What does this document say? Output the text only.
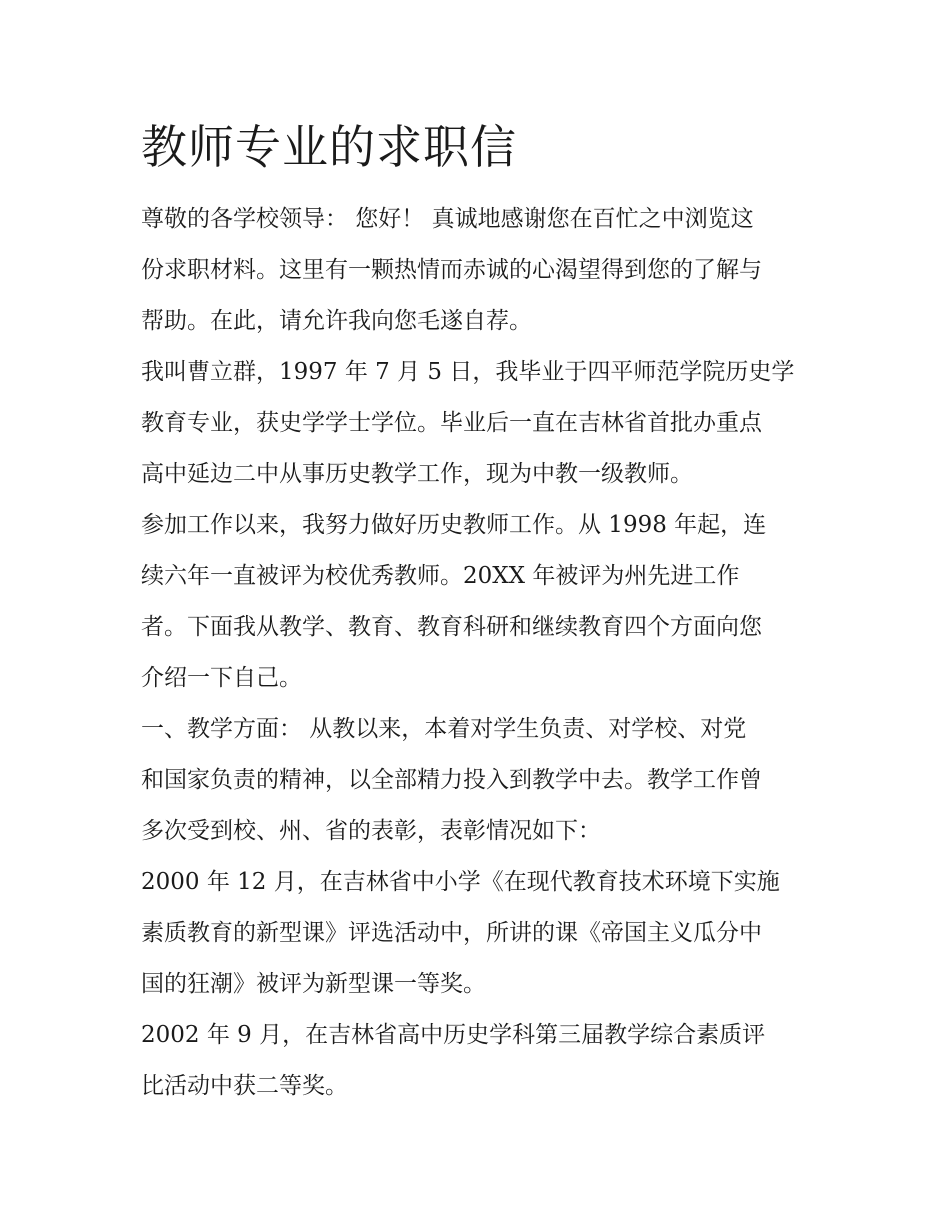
教师专业的求职信

尊敬的各学校领导： 您好！ 真诚地感谢您在百忙之中浏览这
份求职材料。这里有一颗热情而赤诚的心渴望得到您的了解与
帮助。在此，请允许我向您毛遂自荐。

我叫曹立群，1997 年 7 月 5 日，我毕业于四平师范学院历史学
教育专业，获史学学士学位。毕业后一直在吉林省首批办重点
高中延边二中从事历史教学工作，现为中教一级教师。

参加工作以来，我努力做好历史教师工作。从 1998 年起，连
续六年一直被评为校优秀教师。20XX 年被评为州先进工作
者。下面我从教学、教育、教育科研和继续教育四个方面向您
介绍一下自己。

一、教学方面： 从教以来，本着对学生负责、对学校、对党
和国家负责的精神，以全部精力投入到教学中去。教学工作曾
多次受到校、州、省的表彰，表彰情况如下：

2000 年 12 月，在吉林省中小学《在现代教育技术环境下实施
素质教育的新型课》评选活动中，所讲的课《帝国主义瓜分中
国的狂潮》被评为新型课一等奖。

2002 年 9 月，在吉林省高中历史学科第三届教学综合素质评
比活动中获二等奖。
